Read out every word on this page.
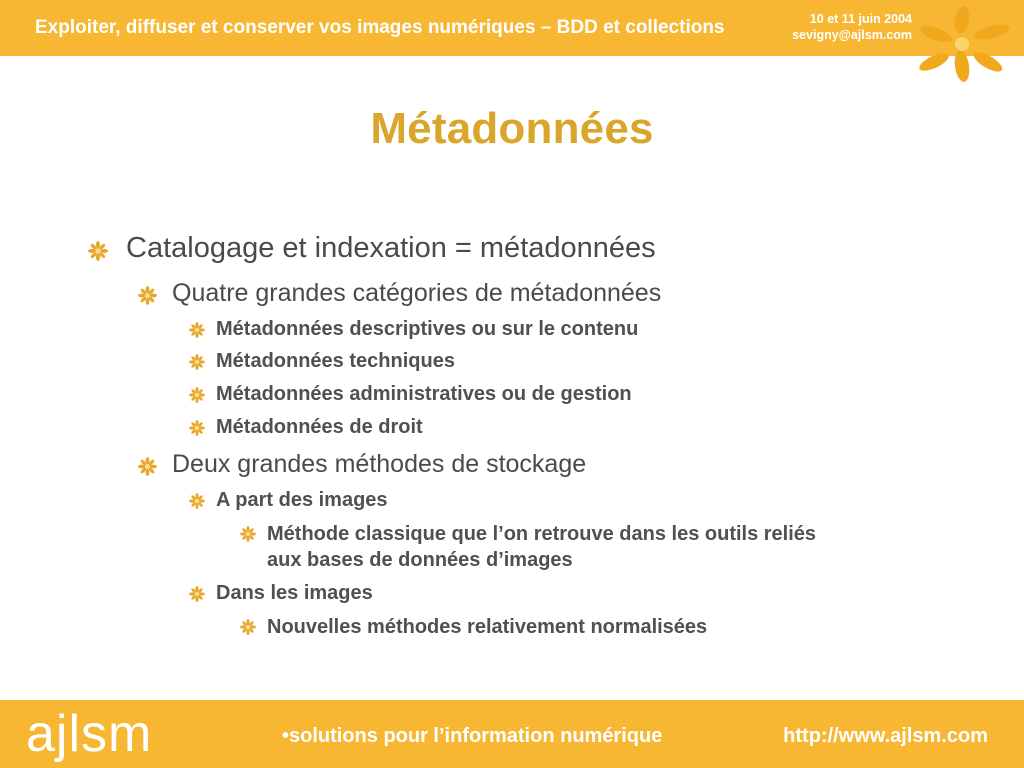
Exploiter, diffuser et conserver vos images numériques – BDD et collections	10 et 11 juin 2004
sevigny@ajlsm.com
Métadonnées
Catalogage et indexation = métadonnées
Quatre grandes catégories de métadonnées
Métadonnées descriptives ou sur le contenu
Métadonnées techniques
Métadonnées administratives ou de gestion
Métadonnées de droit
Deux grandes méthodes de stockage
A part des images
Méthode classique que l’on retrouve dans les outils reliés
aux bases de données d’images
Dans les images
Nouvelles méthodes relativement normalisées
ajlsm	•solutions pour l’information numérique	http://www.ajlsm.com
